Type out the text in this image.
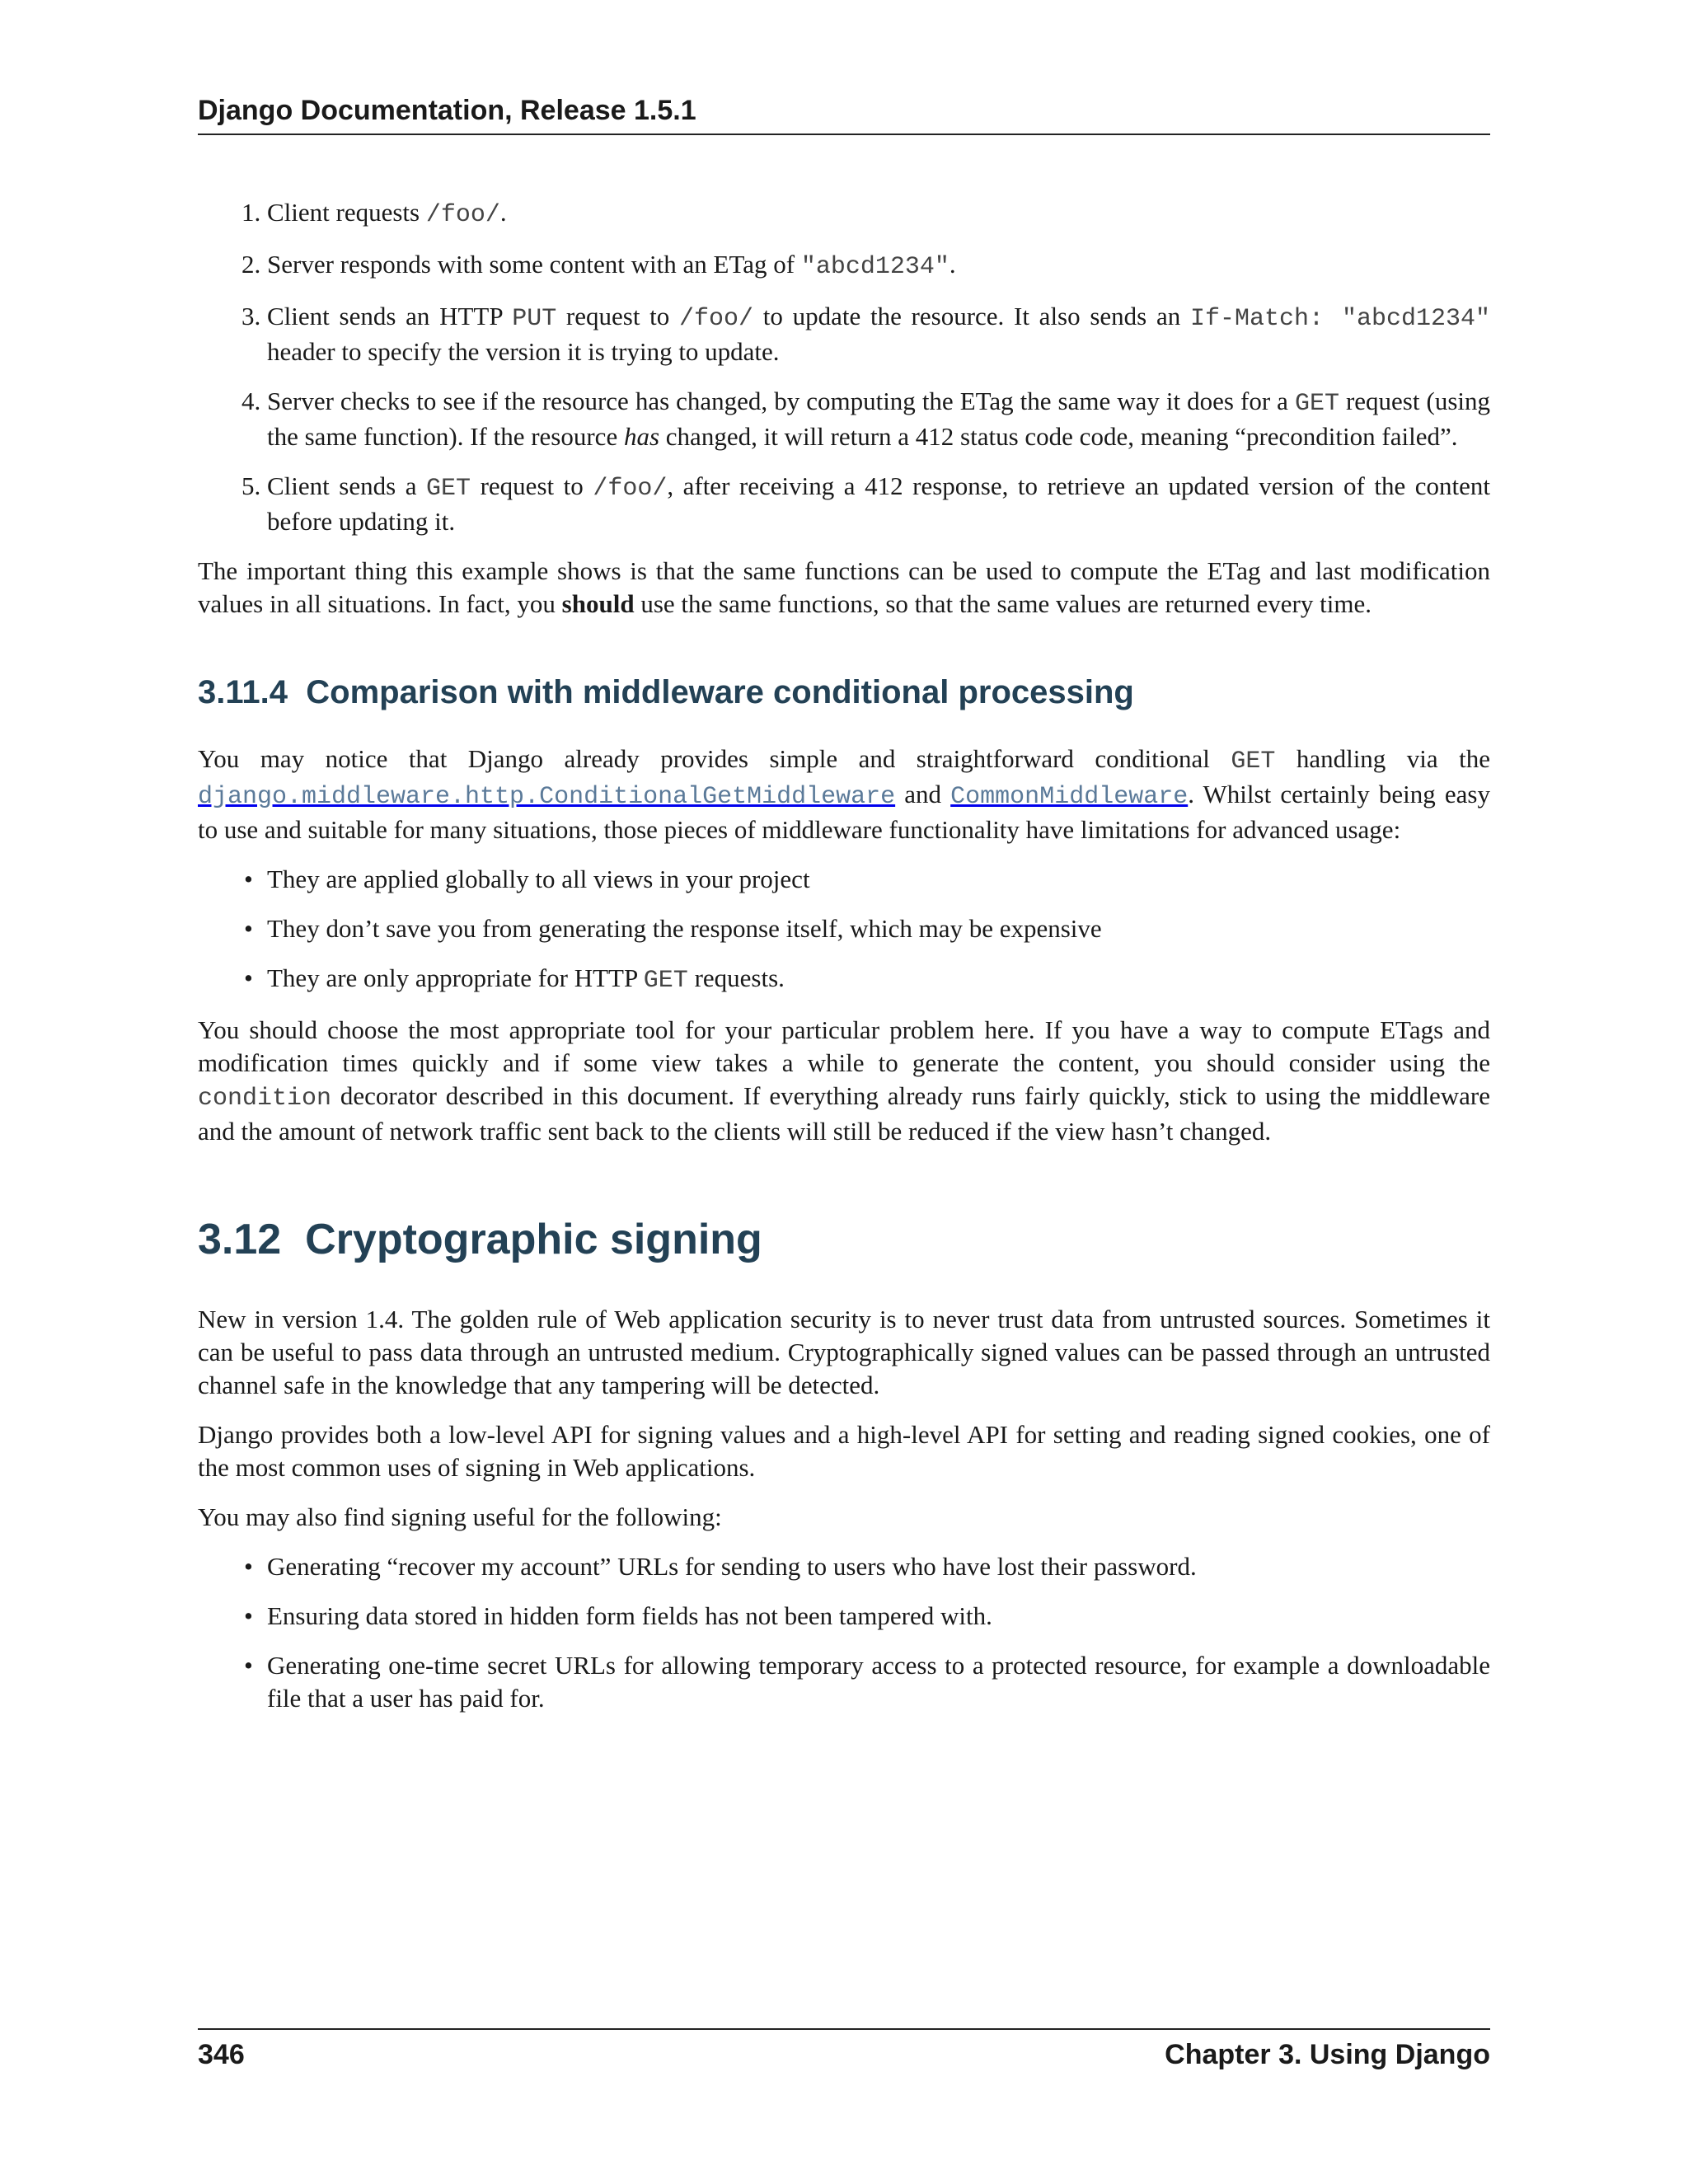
Django Documentation, Release 1.5.1
1. Client requests /foo/.
2. Server responds with some content with an ETag of "abcd1234".
3. Client sends an HTTP PUT request to /foo/ to update the resource. It also sends an If-Match: "abcd1234" header to specify the version it is trying to update.
4. Server checks to see if the resource has changed, by computing the ETag the same way it does for a GET request (using the same function). If the resource has changed, it will return a 412 status code code, meaning “precondition failed”.
5. Client sends a GET request to /foo/, after receiving a 412 response, to retrieve an updated version of the content before updating it.

The important thing this example shows is that the same functions can be used to compute the ETag and last modification values in all situations. In fact, you should use the same functions, so that the same values are returned every time.

3.11.4 Comparison with middleware conditional processing

You may notice that Django already provides simple and straightforward conditional GET handling via the django.middleware.http.ConditionalGetMiddleware and CommonMiddleware. Whilst certainly being easy to use and suitable for many situations, those pieces of middleware functionality have limitations for advanced usage:

• They are applied globally to all views in your project
• They don’t save you from generating the response itself, which may be expensive
• They are only appropriate for HTTP GET requests.

You should choose the most appropriate tool for your particular problem here. If you have a way to compute ETags and modification times quickly and if some view takes a while to generate the content, you should consider using the condition decorator described in this document. If everything already runs fairly quickly, stick to using the middleware and the amount of network traffic sent back to the clients will still be reduced if the view hasn’t changed.

3.12 Cryptographic signing

New in version 1.4. The golden rule of Web application security is to never trust data from untrusted sources. Sometimes it can be useful to pass data through an untrusted medium. Cryptographically signed values can be passed through an untrusted channel safe in the knowledge that any tampering will be detected.

Django provides both a low-level API for signing values and a high-level API for setting and reading signed cookies, one of the most common uses of signing in Web applications.

You may also find signing useful for the following:

• Generating “recover my account” URLs for sending to users who have lost their password.
• Ensuring data stored in hidden form fields has not been tampered with.
• Generating one-time secret URLs for allowing temporary access to a protected resource, for example a downloadable file that a user has paid for.
346	Chapter 3. Using Django
